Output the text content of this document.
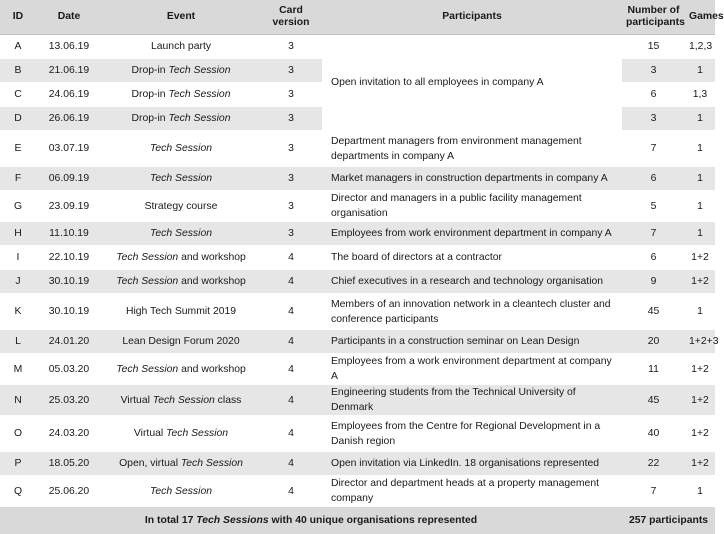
ID	Date	Event	Card version	Participants	Number of participants	Games
A	13.06.19	Launch party	3	Open invitation to all employees in company A	15	1,2,3
B	21.06.19	Drop-in Tech Session	3		3	1
C	24.06.19	Drop-in Tech Session	3		6	1,3
D	26.06.19	Drop-in Tech Session	3		3	1
E	03.07.19	Tech Session	3	Department managers from environment management departments in company A	7	1
F	06.09.19	Tech Session	3	Market managers in construction departments in company A	6	1
G	23.09.19	Strategy course	3	Director and managers in a public facility management organisation	5	1
H	11.10.19	Tech Session	3	Employees from work environment department in company A	7	1
I	22.10.19	Tech Session and workshop	4	The board of directors at a contractor	6	1+2
J	30.10.19	Tech Session and workshop	4	Chief executives in a research and technology organisation	9	1+2
K	30.10.19	High Tech Summit 2019	4	Members of an innovation network in a cleantech cluster and conference participants	45	1
L	24.01.20	Lean Design Forum 2020	4	Participants in a construction seminar on Lean Design	20	1+2+3
M	05.03.20	Tech Session and workshop	4	Employees from a work environment department at company A	11	1+2
N	25.03.20	Virtual Tech Session class	4	Engineering students from the Technical University of Denmark	45	1+2
O	24.03.20	Virtual Tech Session	4	Employees from the Centre for Regional Development in a Danish region	40	1+2
P	18.05.20	Open, virtual Tech Session	4	Open invitation via LinkedIn. 18 organisations represented	22	1+2
Q	25.06.20	Tech Session	4	Director and department heads at a property management company	7	1
In total 17 Tech Sessions with 40 unique organisations represented					257 participants	
